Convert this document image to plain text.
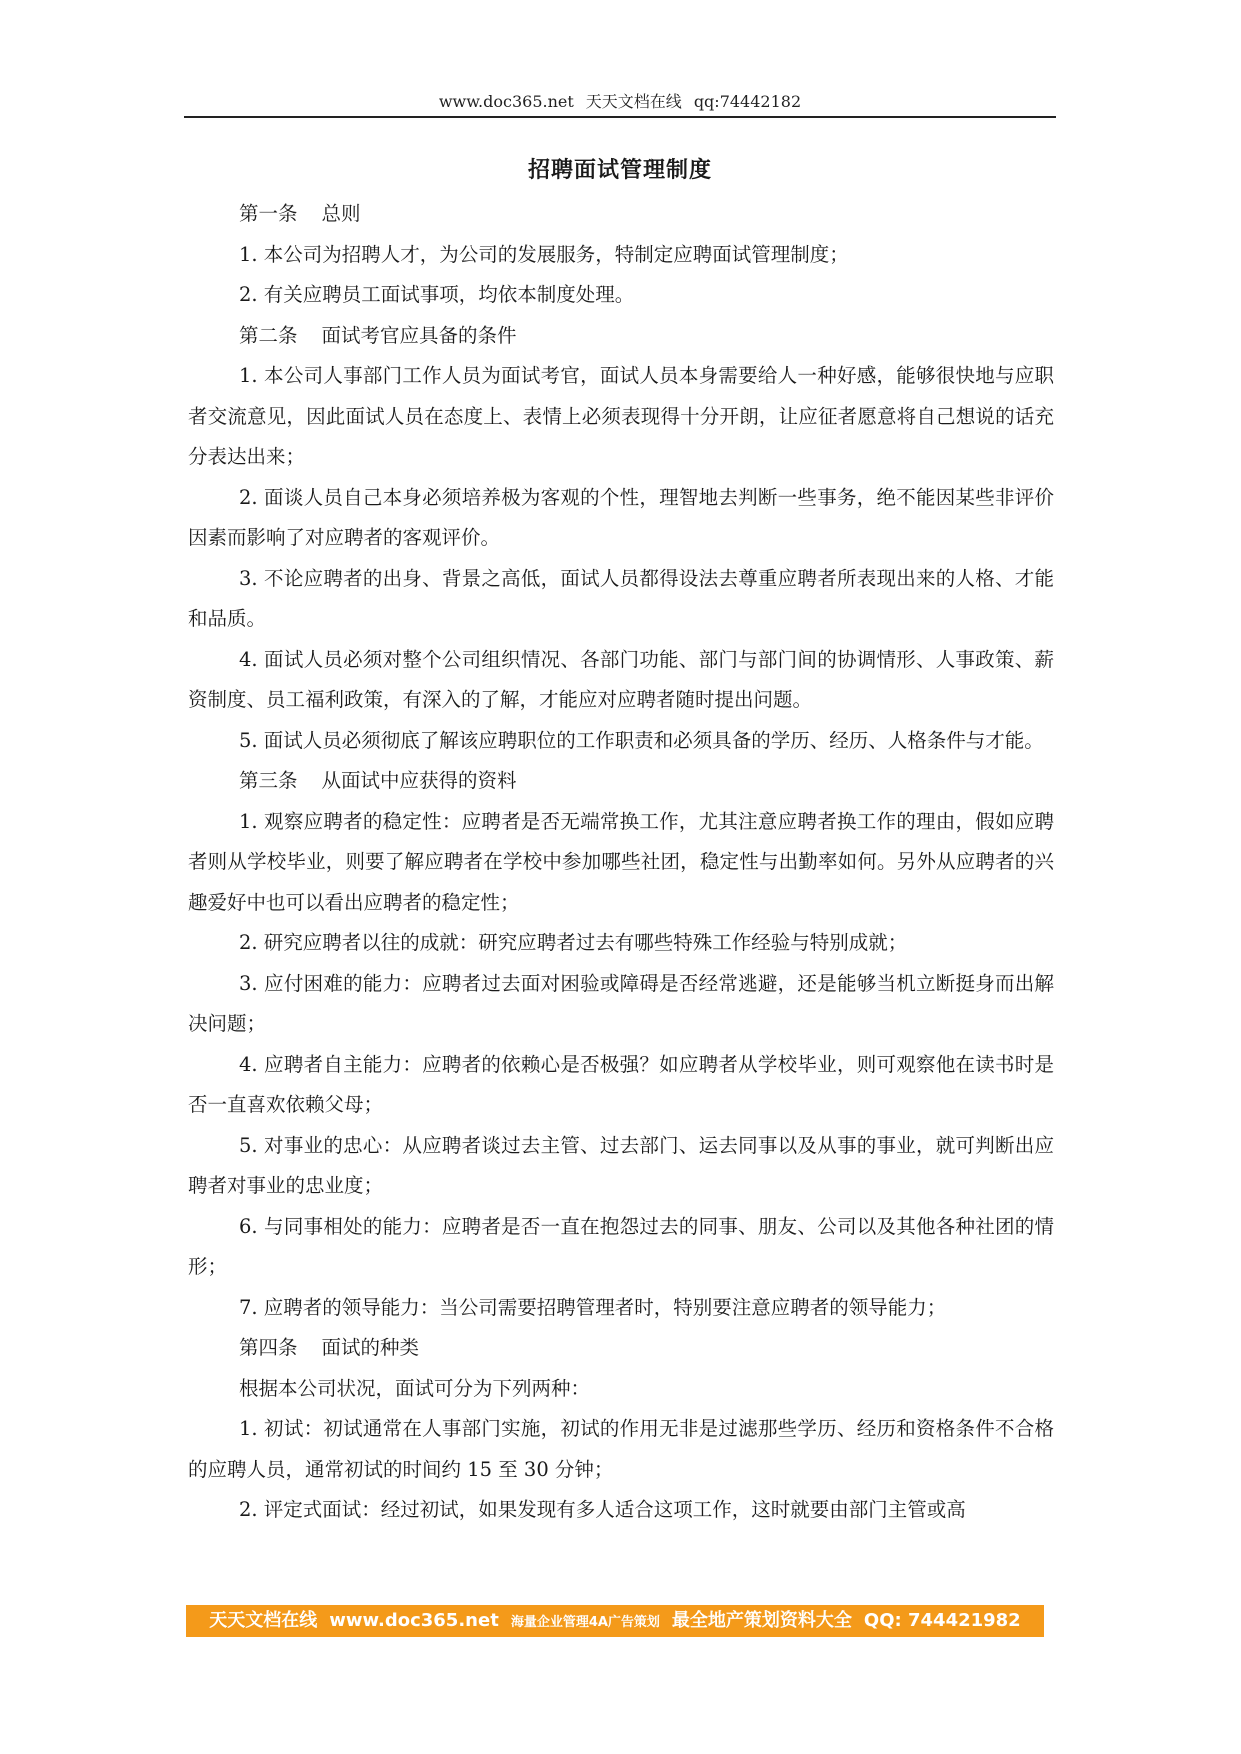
www.doc365.net 天天文档在线 qq:74442182
招聘面试管理制度

第一条 总则

1. 本公司为招聘人才，为公司的发展服务，特制定应聘面试管理制度；

2. 有关应聘员工面试事项，均依本制度处理。

第二条 面试考官应具备的条件

1. 本公司人事部门工作人员为面试考官，面试人员本身需要给人一种好感，能够很快地与应职者交流意见，因此面试人员在态度上、表情上必须表现得十分开朗，让应征者愿意将自己想说的话充分表达出来；

2. 面谈人员自己本身必须培养极为客观的个性，理智地去判断一些事务，绝不能因某些非评价因素而影响了对应聘者的客观评价。

3. 不论应聘者的出身、背景之高低，面试人员都得设法去尊重应聘者所表现出来的人格、才能和品质。

4. 面试人员必须对整个公司组织情况、各部门功能、部门与部门间的协调情形、人事政策、薪资制度、员工福利政策，有深入的了解，才能应对应聘者随时提出问题。

5. 面试人员必须彻底了解该应聘职位的工作职责和必须具备的学历、经历、人格条件与才能。

第三条 从面试中应获得的资料

1. 观察应聘者的稳定性：应聘者是否无端常换工作，尤其注意应聘者换工作的理由，假如应聘者则从学校毕业，则要了解应聘者在学校中参加哪些社团，稳定性与出勤率如何。另外从应聘者的兴趣爱好中也可以看出应聘者的稳定性；

2. 研究应聘者以往的成就：研究应聘者过去有哪些特殊工作经验与特别成就；

3. 应付困难的能力：应聘者过去面对困验或障碍是否经常逃避，还是能够当机立断挺身而出解决问题；

4. 应聘者自主能力：应聘者的依赖心是否极强？如应聘者从学校毕业，则可观察他在读书时是否一直喜欢依赖父母；

5. 对事业的忠心：从应聘者谈过去主管、过去部门、运去同事以及从事的事业，就可判断出应聘者对事业的忠业度；

6. 与同事相处的能力：应聘者是否一直在抱怨过去的同事、朋友、公司以及其他各种社团的情形；

7. 应聘者的领导能力：当公司需要招聘管理者时，特别要注意应聘者的领导能力；

第四条 面试的种类

根据本公司状况，面试可分为下列两种：

1. 初试：初试通常在人事部门实施，初试的作用无非是过滤那些学历、经历和资格条件不合格的应聘人员，通常初试的时间约 15 至 30 分钟；

2. 评定式面试：经过初试，如果发现有多人适合这项工作，这时就要由部门主管或高

天天文档在线 www.doc365.net 海量企业管理4A广告策划 最全地产策划资料大全 QQ: 744421982
